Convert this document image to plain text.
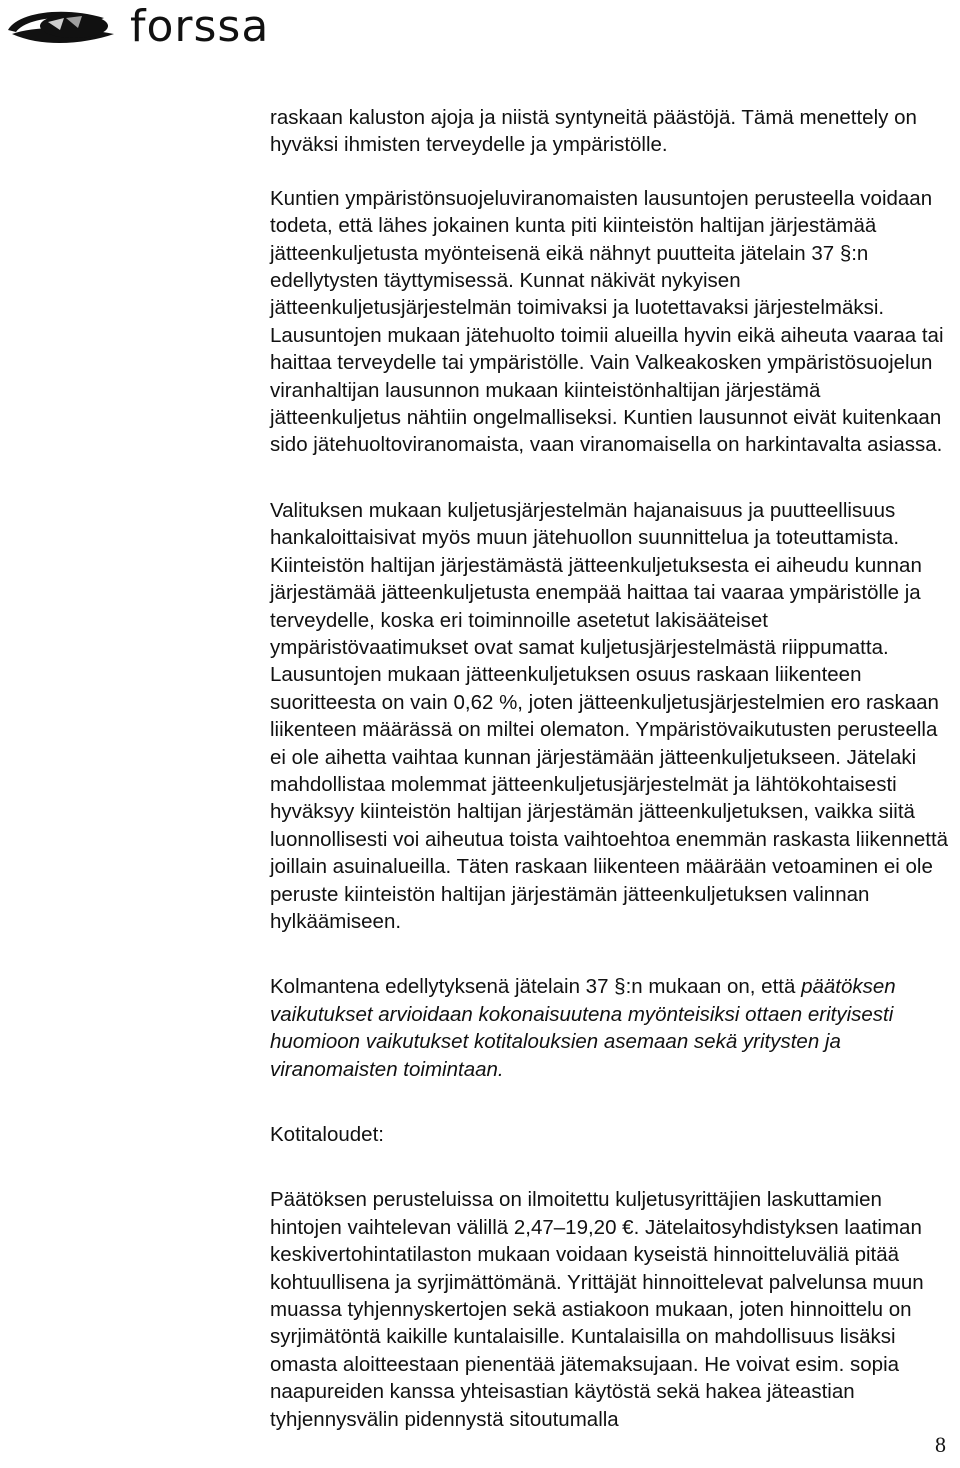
forssa

raskaan kaluston ajoja ja niistä syntyneitä päästöjä. Tämä menettely on hyväksi ihmisten terveydelle ja ympäristölle.

Kuntien ympäristönsuojeluviranomaisten lausuntojen perusteella voidaan todeta, että lähes jokainen kunta piti kiinteistön haltijan järjestämää jätteenkuljetusta myönteisenä eikä nähnyt puutteita jätelain 37 §:n edellytysten täyttymisessä. Kunnat näkivät nykyisen jätteenkuljetusjärjestelmän toimivaksi ja luotettavaksi järjestelmäksi. Lausuntojen mukaan jätehuolto toimii alueilla hyvin eikä aiheuta vaaraa tai haittaa terveydelle tai ympäristölle. Vain Valkeakosken ympäristösuojelun viranhaltijan lausunnon mukaan kiinteistönhaltijan järjestämä jätteenkuljetus nähtiin ongelmalliseksi. Kuntien lausunnot eivät kuitenkaan sido jätehuoltoviranomaista, vaan viranomaisella on harkintavalta asiassa.

Valituksen mukaan kuljetusjärjestelmän hajanaisuus ja puutteellisuus hankaloittaisivat myös muun jätehuollon suunnittelua ja toteuttamista. Kiinteistön haltijan järjestämästä jätteenkuljetuksesta ei aiheudu kunnan järjestämää jätteenkuljetusta enempää haittaa tai vaaraa ympäristölle ja terveydelle, koska eri toiminnoille asetetut lakisääteiset ympäristövaatimukset ovat samat kuljetusjärjestelmästä riippumatta. Lausuntojen mukaan jätteenkuljetuksen osuus raskaan liikenteen suoritteesta on vain 0,62 %, joten jätteenkuljetusjärjestelmien ero raskaan liikenteen määrässä on miltei olematon. Ympäristövaikutusten perusteella ei ole aihetta vaihtaa kunnan järjestämään jätteenkuljetukseen. Jätelaki mahdollistaa molemmat jätteenkuljetusjärjestelmät ja lähtökohtaisesti hyväksyy kiinteistön haltijan järjestämän jätteenkuljetuksen, vaikka siitä luonnollisesti voi aiheutua toista vaihtoehtoa enemmän raskasta liikennettä joillain asuinalueilla. Täten raskaan liikenteen määrään vetoaminen ei ole peruste kiinteistön haltijan järjestämän jätteenkuljetuksen valinnan hylkäämiseen.

Kolmantena edellytyksenä jätelain 37 §:n mukaan on, että päätöksen vaikutukset arvioidaan kokonaisuutena myönteisiksi ottaen erityisesti huomioon vaikutukset kotitalouksien asemaan sekä yritysten ja viranomaisten toimintaan.

Kotitaloudet:

Päätöksen perusteluissa on ilmoitettu kuljetusyrittäjien laskuttamien hintojen vaihtelevan välillä 2,47–19,20 €. Jätelaitosyhdistyksen laatiman keskivertohintatilaston mukaan voidaan kyseistä hinnoitteluväliä pitää kohtuullisena ja syrjimättömänä. Yrittäjät hinnoittelevat palvelunsa muun muassa tyhjennyskertojen sekä astiakoon mukaan, joten hinnoittelu on syrjimätöntä kaikille kuntalaisille. Kuntalaisilla on mahdollisuus lisäksi omasta aloitteestaan pienentää jätemaksujaan. He voivat esim. sopia naapureiden kanssa yhteisastian käytöstä sekä hakea jäteastian tyhjennysvälin pidennystä sitoutumalla

8
